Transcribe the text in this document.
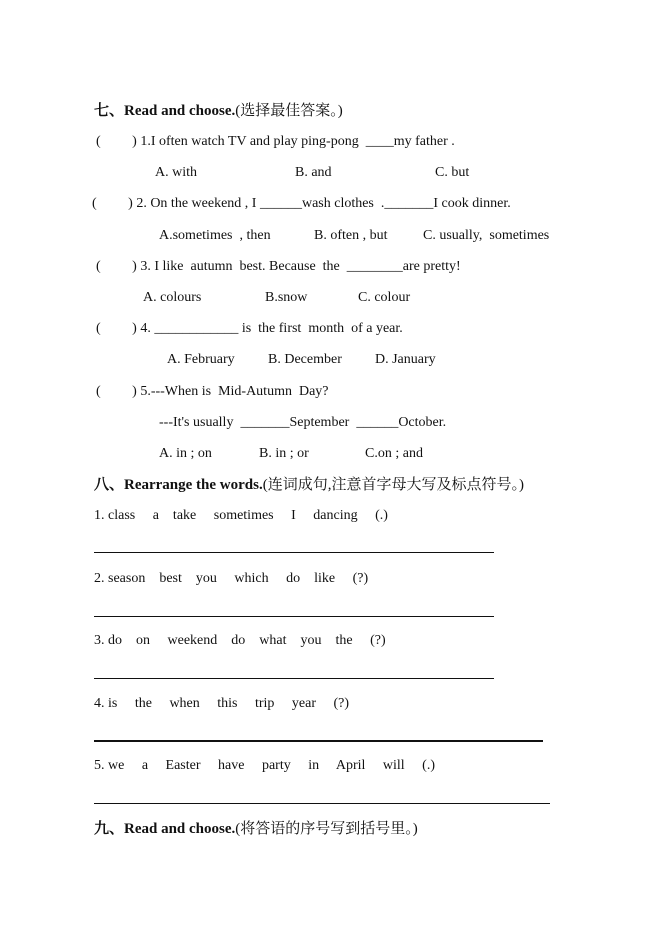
七、Read and choose.(选择最佳答案。)
(         ) 1.I often watch TV and play ping-pong  ____my father .
A. with	B. and	C. but
(         ) 2. On the weekend , I ______wash clothes  ._______I cook dinner.
A.sometimes  , then	B. often , but	C. usually,  sometimes
(         ) 3. I like  autumn  best. Because  the  ________are pretty!
A. colours	B.snow	C. colour
(         ) 4. ____________ is  the first  month  of a year.
A. February B. December D. January
(         ) 5.---When is  Mid-Autumn  Day?
---It's usually  _______September  ______October.
A. in ; on	B. in ; or	C.on ; and
八、Rearrange the words.(连词成句,注意首字母大写及标点符号。)
1. class     a    take     sometimes     I     dancing     (.)
2. season    best    you     which     do    like     (?)
3. do    on     weekend    do    what    you    the     (?)
4. is     the     when     this     trip     year     (?)
5. we     a     Easter     have     party     in     April     will     (.)
九、Read and choose.(将答语的序号写到括号里。)
